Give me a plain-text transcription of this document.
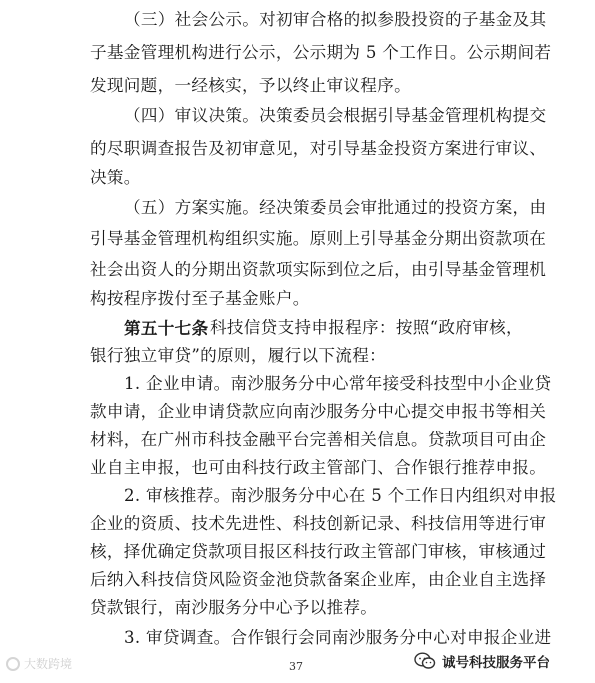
（三）社会公示。对初审合格的拟参股投资的子基金及其
子基金管理机构进行公示，公示期为 5 个工作日。公示期间若
发现问题，一经核实，予以终止审议程序。
（四）审议决策。决策委员会根据引导基金管理机构提交
的尽职调查报告及初审意见，对引导基金投资方案进行审议、
决策。
（五）方案实施。经决策委员会审批通过的投资方案，由
引导基金管理机构组织实施。原则上引导基金分期出资款项在
社会出资人的分期出资款项实际到位之后，由引导基金管理机
构按程序拨付至子基金账户。
第五十七条 科技信贷支持申报程序：按照“政府审核，
银行独立审贷”的原则，履行以下流程：
1. 企业申请。南沙服务分中心常年接受科技型中小企业贷
款申请，企业申请贷款应向南沙服务分中心提交申报书等相关
材料，在广州市科技金融平台完善相关信息。贷款项目可由企
业自主申报，也可由科技行政主管部门、合作银行推荐申报。
2. 审核推荐。南沙服务分中心在 5 个工作日内组织对申报
企业的资质、技术先进性、科技创新记录、科技信用等进行审
核，择优确定贷款项目报区科技行政主管部门审核，审核通过
后纳入科技信贷风险资金池贷款备案企业库，由企业自主选择
贷款银行，南沙服务分中心予以推荐。
3. 审贷调查。合作银行会同南沙服务分中心对申报企业进
37
大数跨境	诚号科技服务平台
